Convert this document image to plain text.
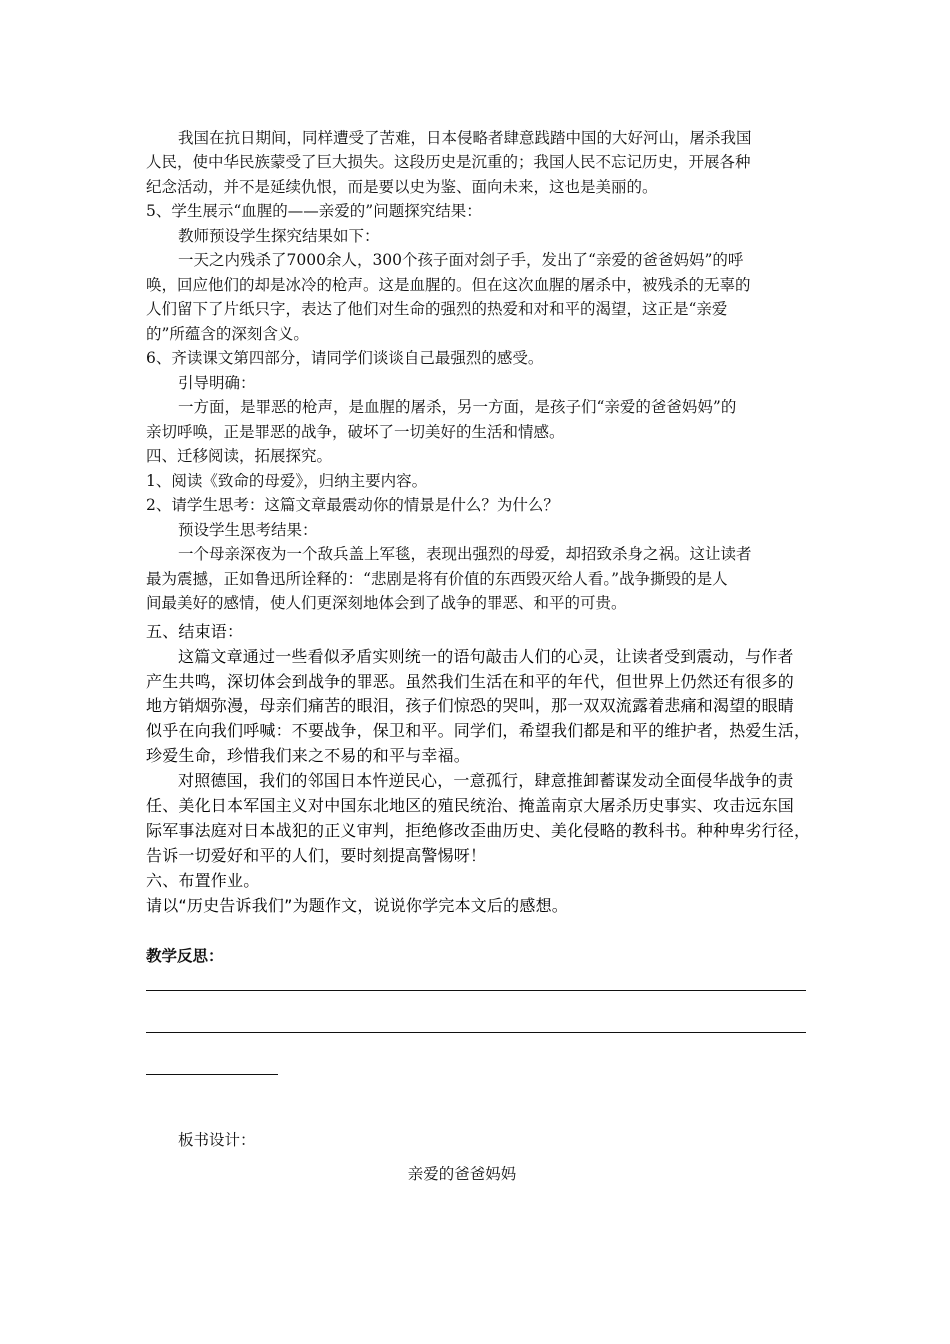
我国在抗日期间，同样遭受了苦难，日本侵略者肆意践踏中国的大好河山，屠杀我国
人民，使中华民族蒙受了巨大损失。这段历史是沉重的；我国人民不忘记历史，开展各种
纪念活动，并不是延续仇恨，而是要以史为鉴、面向未来，这也是美丽的。
5、学生展示“血腥的——亲爱的”问题探究结果：
教师预设学生探究结果如下：
一天之内残杀了7000余人，300个孩子面对刽子手，发出了“亲爱的爸爸妈妈”的呼
唤，回应他们的却是冰冷的枪声。这是血腥的。但在这次血腥的屠杀中，被残杀的无辜的
人们留下了片纸只字，表达了他们对生命的强烈的热爱和对和平的渴望，这正是“亲爱
的”所蕴含的深刻含义。
6、齐读课文第四部分，请同学们谈谈自己最强烈的感受。
引导明确：
一方面，是罪恶的枪声，是血腥的屠杀，另一方面，是孩子们“亲爱的爸爸妈妈”的
亲切呼唤，正是罪恶的战争，破坏了一切美好的生活和情感。
四、迁移阅读，拓展探究。
1、阅读《致命的母爱》，归纳主要内容。
2、请学生思考：这篇文章最震动你的情景是什么？为什么？
预设学生思考结果：
一个母亲深夜为一个敌兵盖上军毯，表现出强烈的母爱，却招致杀身之祸。这让读者
最为震撼，正如鲁迅所诠释的：“悲剧是将有价值的东西毁灭给人看。”战争撕毁的是人
间最美好的感情，使人们更深刻地体会到了战争的罪恶、和平的可贵。
五、结束语：
这篇文章通过一些看似矛盾实则统一的语句敲击人们的心灵，让读者受到震动，与作者
产生共鸣，深切体会到战争的罪恶。虽然我们生活在和平的年代，但世界上仍然还有很多的
地方销烟弥漫，母亲们痛苦的眼泪，孩子们惊恐的哭叫，那一双双流露着悲痛和渴望的眼睛
似乎在向我们呼喊：不要战争，保卫和平。同学们，希望我们都是和平的维护者，热爱生活，
珍爱生命，珍惜我们来之不易的和平与幸福。
对照德国，我们的邻国日本忤逆民心，一意孤行，肆意推卸蓄谋发动全面侵华战争的责
任、美化日本军国主义对中国东北地区的殖民统治、掩盖南京大屠杀历史事实、攻击远东国
际军事法庭对日本战犯的正义审判，拒绝修改歪曲历史、美化侵略的教科书。种种卑劣行径，
告诉一切爱好和平的人们，要时刻提高警惕呀！
六、布置作业。
请以“历史告诉我们”为题作文，说说你学完本文后的感想。
教学反思：
板书设计：
亲爱的爸爸妈妈
